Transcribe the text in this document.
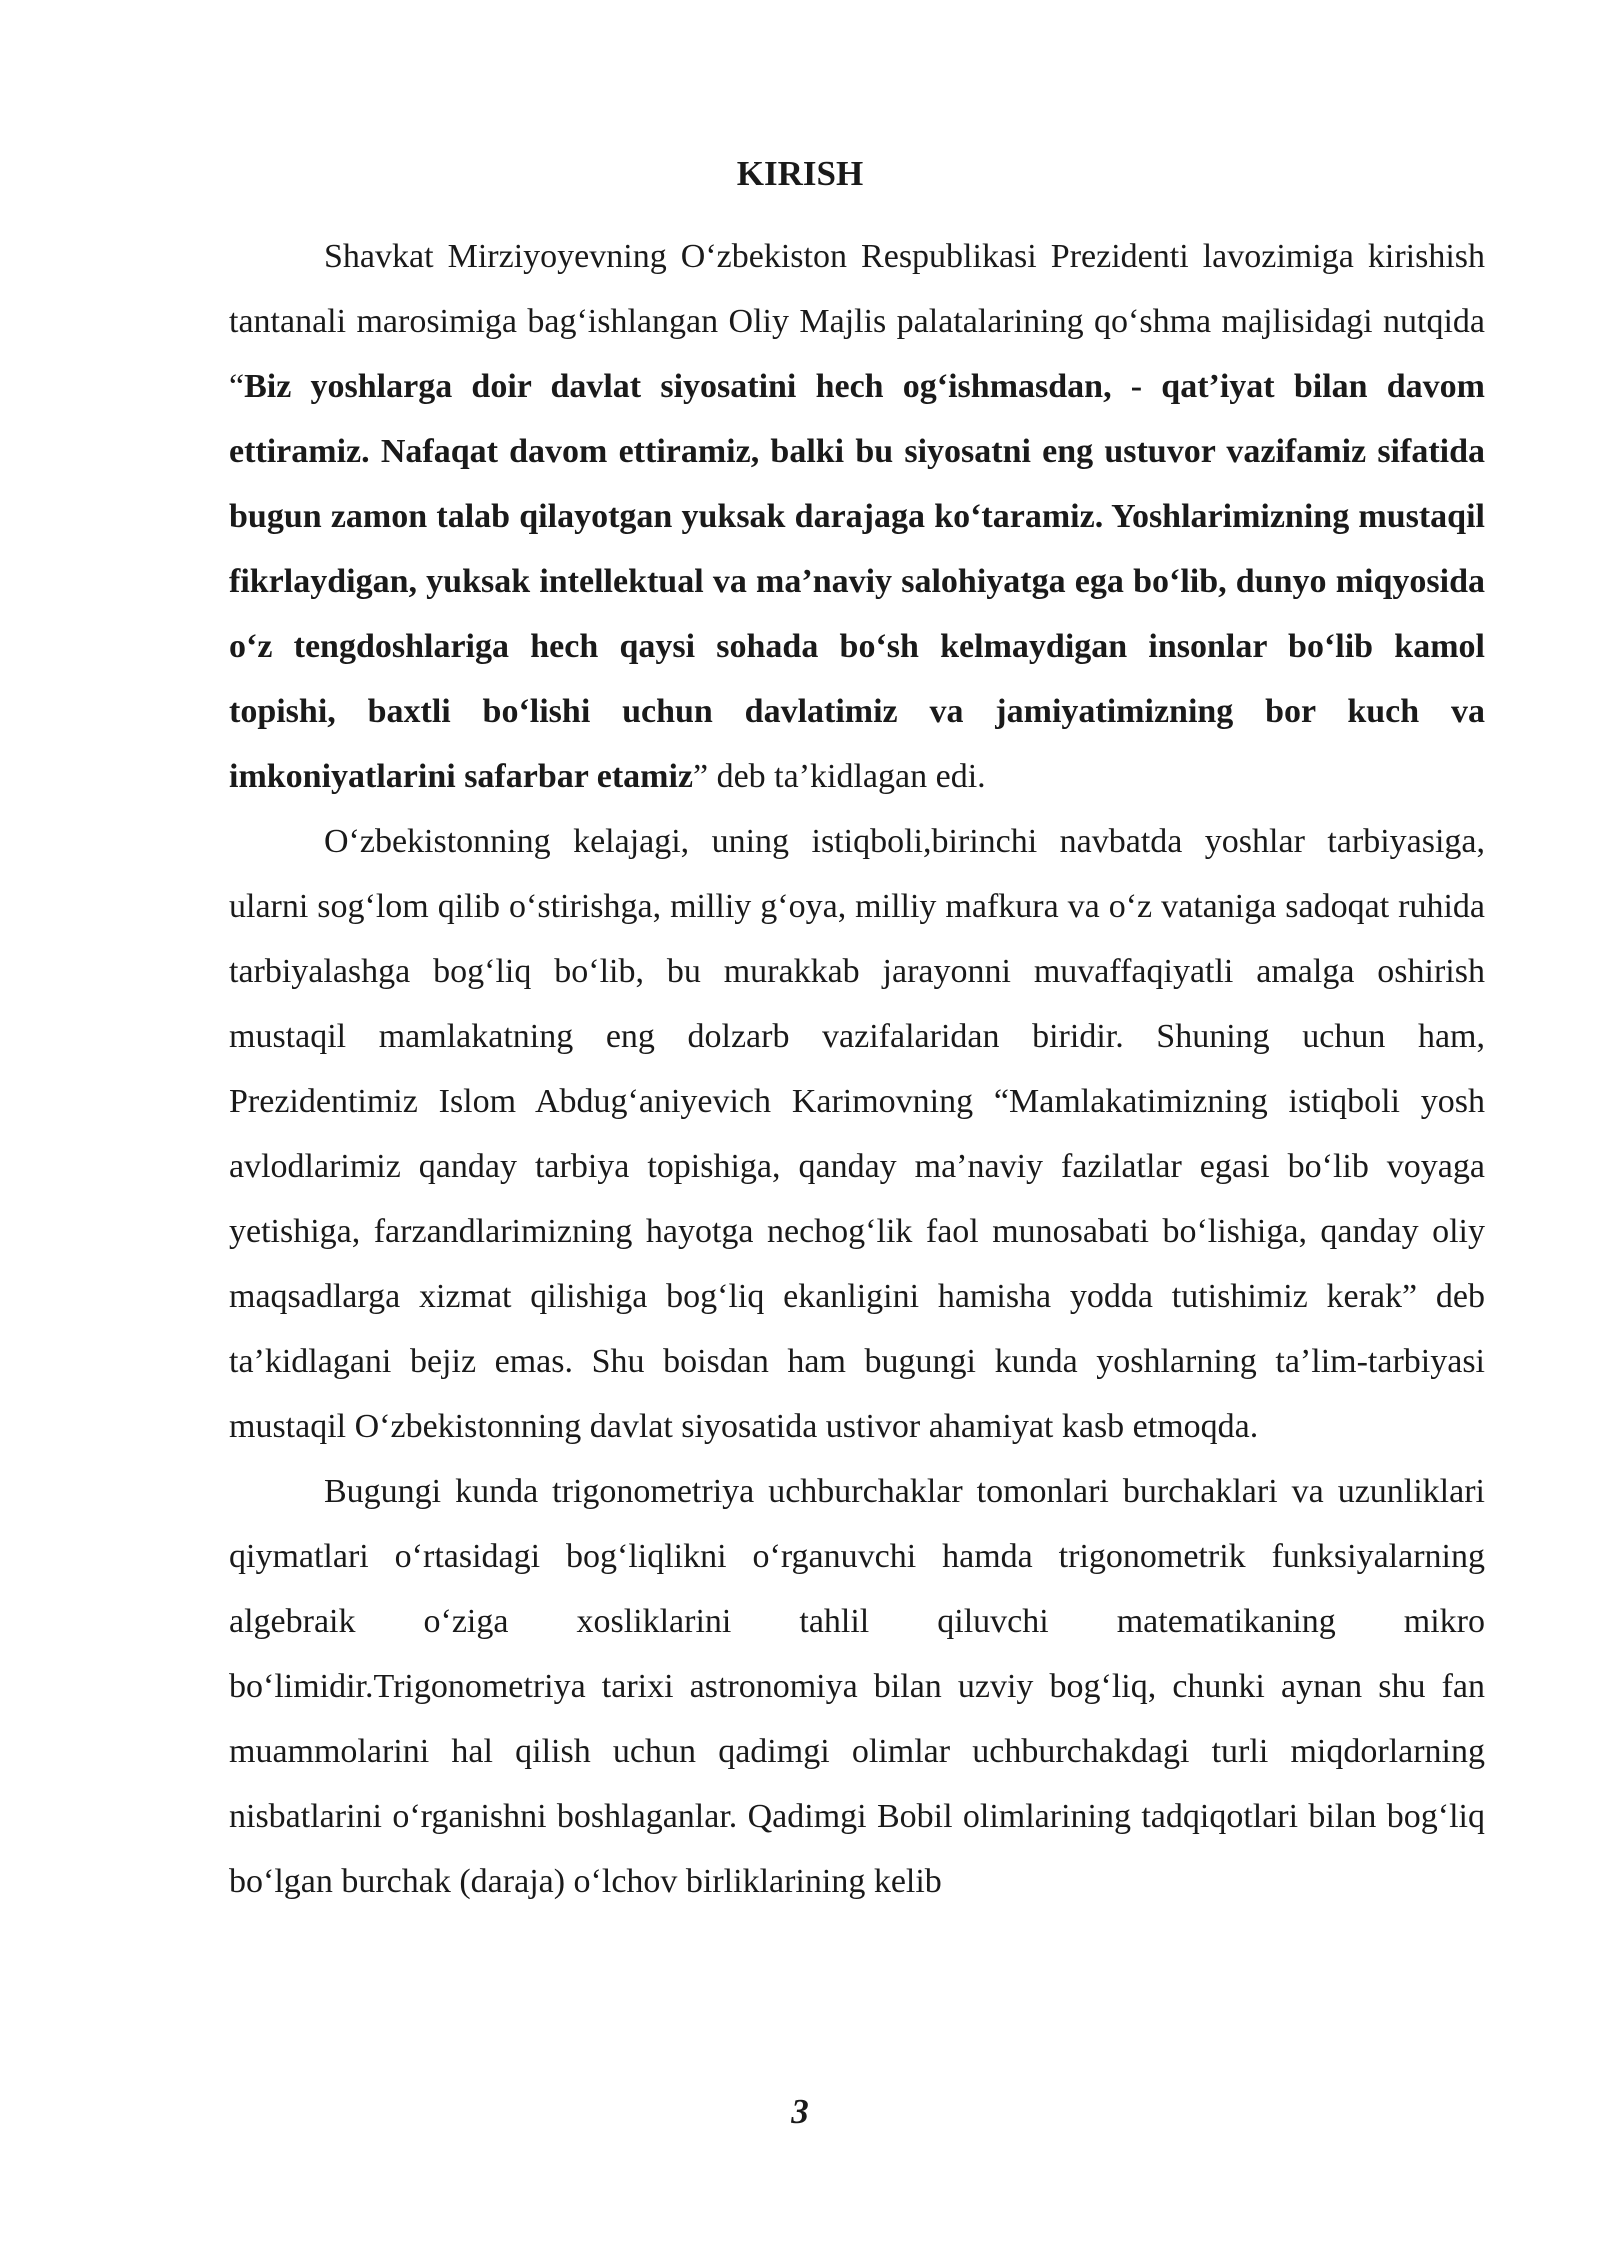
KIRISH

Shavkat Mirziyoyevning O‘zbekiston Respublikasi Prezidenti lavozimiga kirishish tantanali marosimiga bag‘ishlangan Oliy Majlis palatalarining qo‘shma majlisidagi nutqida “Biz yoshlarga doir davlat siyosatini hech og‘ishmasdan, - qat’iyat bilan davom ettiramiz. Nafaqat davom ettiramiz, balki bu siyosatni eng ustuvor vazifamiz sifatida bugun zamon talab qilayotgan yuksak darajaga ko‘taramiz. Yoshlarimizning mustaqil fikrlaydigan, yuksak intellektual va ma’naviy salohiyatga ega bo‘lib, dunyo miqyosida o‘z tengdoshlariga hech qaysi sohada bo‘sh kelmaydigan insonlar bo‘lib kamol topishi, baxtli bo‘lishi uchun davlatimiz va jamiyatimizning bor kuch va imkoniyatlarini safarbar etamiz” deb ta’kidlagan edi.

O‘zbekistonning kelajagi, uning istiqboli,birinchi navbatda yoshlar tarbiyasiga, ularni sog‘lom qilib o‘stirishga, milliy g‘oya, milliy mafkura va o‘z vataniga sadoqat ruhida tarbiyalashga bog‘liq bo‘lib, bu murakkab jarayonni muvaffaqiyatli amalga oshirish mustaqil mamlakatning eng dolzarb vazifalaridan biridir. Shuning uchun ham, Prezidentimiz Islom Abdug‘aniyevich Karimovning “Mamlakatimizning istiqboli yosh avlodlarimiz qanday tarbiya topishiga, qanday ma’naviy fazilatlar egasi bo‘lib voyaga yetishiga, farzandlarimizning hayotga nechog‘lik faol munosabati bo‘lishiga, qanday oliy maqsadlarga xizmat qilishiga bog‘liq ekanligini hamisha yodda tutishimiz kerak” deb ta’kidlagani bejiz emas. Shu boisdan ham bugungi kunda yoshlarning ta’lim-tarbiyasi mustaqil O‘zbekistonning davlat siyosatida ustivor ahamiyat kasb etmoqda.

Bugungi kunda trigonometriya uchburchaklar tomonlari burchaklari va uzunliklari qiymatlari o‘rtasidagi bog‘liqlikni o‘rganuvchi hamda trigonometrik funksiyalarning algebraik o‘ziga xosliklarini tahlil qiluvchi matematikaning mikro bo‘limidir.Trigonometriya tarixi astronomiya bilan uzviy bog‘liq, chunki aynan shu fan muammolarini hal qilish uchun qadimgi olimlar uchburchakdagi turli miqdorlarning nisbatlarini o‘rganishni boshlaganlar. Qadimgi Bobil olimlarining tadqiqotlari bilan bog‘liq bo‘lgan burchak (daraja) o‘lchov birliklarining kelib

3
